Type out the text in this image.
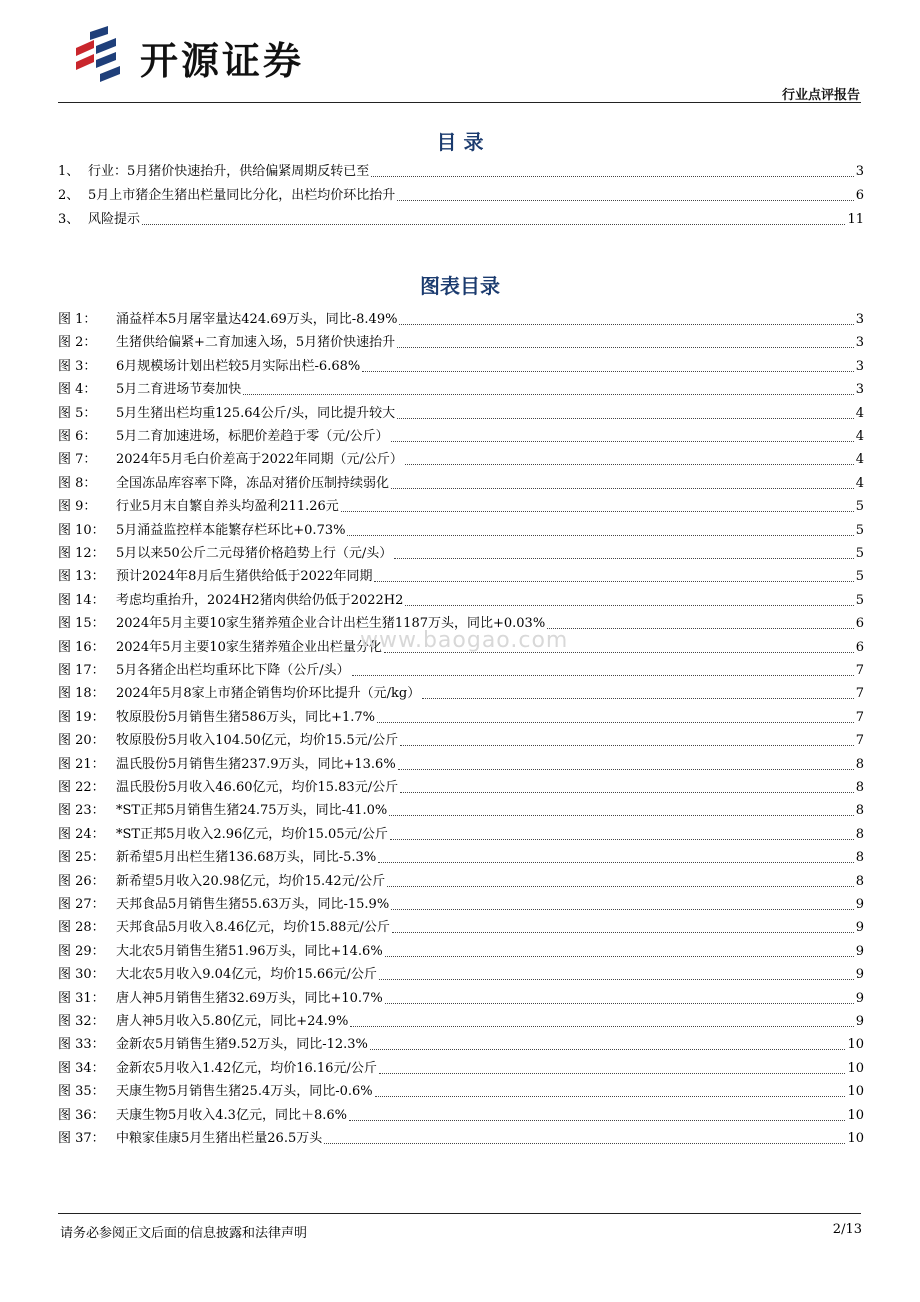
开源证券
行业点评报告
目 录
1、 行业：5月猪价快速抬升，供给偏紧周期反转已至	3
2、 5月上市猪企生猪出栏量同比分化，出栏均价环比抬升	6
3、 风险提示	11
图表目录
图 1：	涌益样本5月屠宰量达424.69万头，同比-8.49%	3
图 2：	生猪供给偏紧+二育加速入场，5月猪价快速抬升	3
图 3：	6月规模场计划出栏较5月实际出栏-6.68%	3
图 4：	5月二育进场节奏加快	3
图 5：	5月生猪出栏均重125.64公斤/头，同比提升较大	4
图 6：	5月二育加速进场，标肥价差趋于零（元/公斤）	4
图 7：	2024年5月毛白价差高于2022年同期（元/公斤）	4
图 8：	全国冻品库容率下降，冻品对猪价压制持续弱化	4
图 9：	行业5月末自繁自养头均盈利211.26元	5
图 10： 5月涌益监控样本能繁存栏环比+0.73%	5
图 12： 5月以来50公斤二元母猪价格趋势上行（元/头）	5
图 13： 预计2024年8月后生猪供给低于2022年同期	5
图 14： 考虑均重抬升，2024H2猪肉供给仍低于2022H2	5
图 15： 2024年5月主要10家生猪养殖企业合计出栏生猪1187万头，同比+0.03%	6
图 16： 2024年5月主要10家生猪养殖企业出栏量分化	6
图 17： 5月各猪企出栏均重环比下降（公斤/头）	7
图 18： 2024年5月8家上市猪企销售均价环比提升（元/kg）	7
图 19： 牧原股份5月销售生猪586万头，同比+1.7%	7
图 20： 牧原股份5月收入104.50亿元，均价15.5元/公斤	7
图 21： 温氏股份5月销售生猪237.9万头，同比+13.6%	8
图 22： 温氏股份5月收入46.60亿元，均价15.83元/公斤	8
图 23： *ST正邦5月销售生猪24.75万头，同比-41.0%	8
图 24： *ST正邦5月收入2.96亿元，均价15.05元/公斤	8
图 25： 新希望5月出栏生猪136.68万头，同比-5.3%	8
图 26： 新希望5月收入20.98亿元，均价15.42元/公斤	8
图 27： 天邦食品5月销售生猪55.63万头，同比-15.9%	9
图 28： 天邦食品5月收入8.46亿元，均价15.88元/公斤	9
图 29： 大北农5月销售生猪51.96万头，同比+14.6%	9
图 30： 大北农5月收入9.04亿元，均价15.66元/公斤	9
图 31： 唐人神5月销售生猪32.69万头，同比+10.7%	9
图 32： 唐人神5月收入5.80亿元，同比+24.9%	9
图 33： 金新农5月销售生猪9.52万头，同比-12.3%	10
图 34： 金新农5月收入1.42亿元，均价16.16元/公斤	10
图 35： 天康生物5月销售生猪25.4万头，同比-0.6%	10
图 36： 天康生物5月收入4.3亿元，同比＋8.6%	10
图 37： 中粮家佳康5月生猪出栏量26.5万头	10
www.baogao.com
请务必参阅正文后面的信息披露和法律声明	2/13
